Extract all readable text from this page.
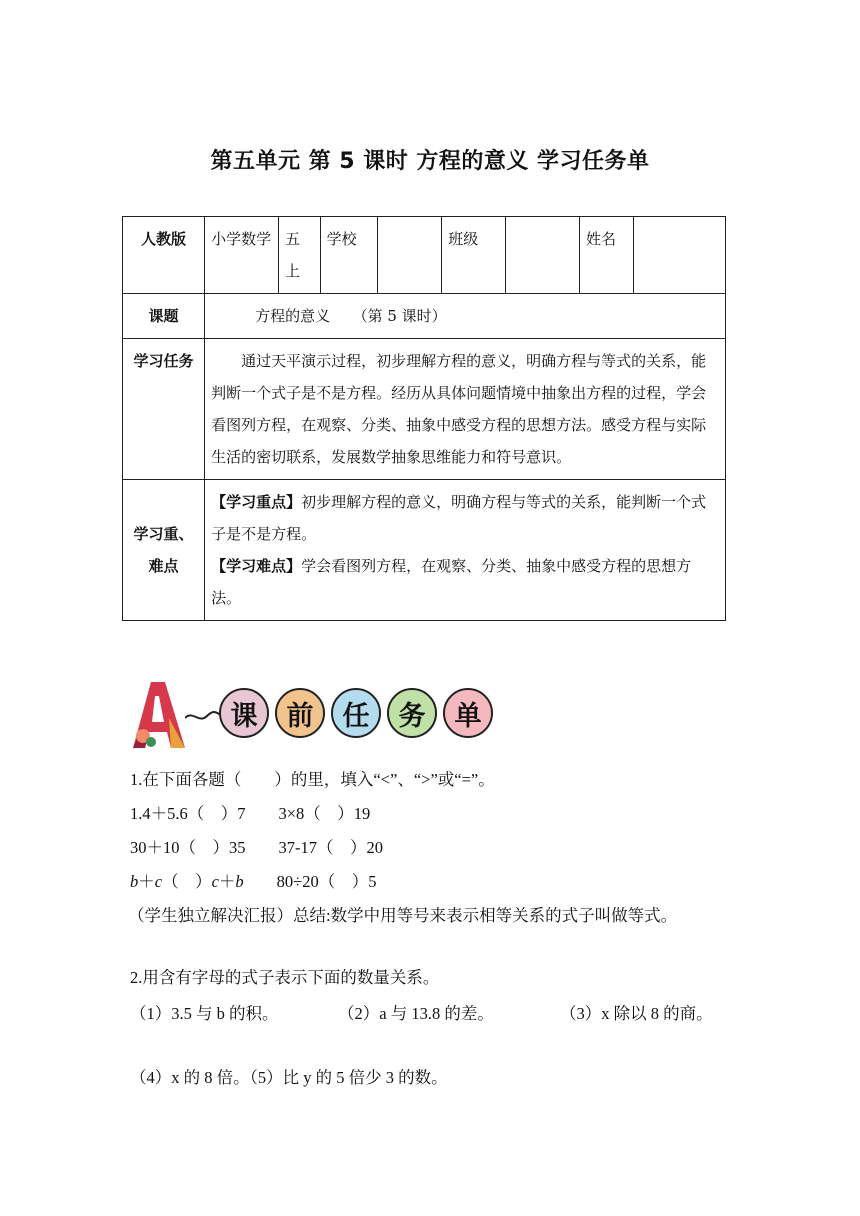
第五单元 第 5 课时 方程的意义 学习任务单
人教版	小学数学	五上	学校		班级		姓名	
课题	方程的意义　　（第 5 课时）							
学习任务	通过天平演示过程，初步理解方程的意义，明确方程与等式的关系，能判断一个式子是不是方程。经历从具体问题情境中抽象出方程的过程，学会看图列方程，在观察、分类、抽象中感受方程的思想方法。感受方程与实际生活的密切联系，发展数学抽象思维能力和符号意识。							
学习重、难点	【学习重点】初步理解方程的意义，明确方程与等式的关系，能判断一个式子是不是方程。
【学习难点】学会看图列方程，在观察、分类、抽象中感受方程的思想方法。							
课	前	任	务	单
1.在下面各题（　　）的里，填入“<”、“>”或“=”。
1.4＋5.6（　）7　　3×8（　）19
30＋10（　）35　　37-17（　）20
b＋c（　）c＋b　　80÷20（　）5
（学生独立解决汇报）总结:数学中用等号来表示相等关系的式子叫做等式。
2.用含有字母的式子表示下面的数量关系。
（1）3.5 与 b 的积。	（2）a 与 13.8 的差。	（3）x 除以 8 的商。
（4）x 的 8 倍。（5）比 y 的 5 倍少 3 的数。
